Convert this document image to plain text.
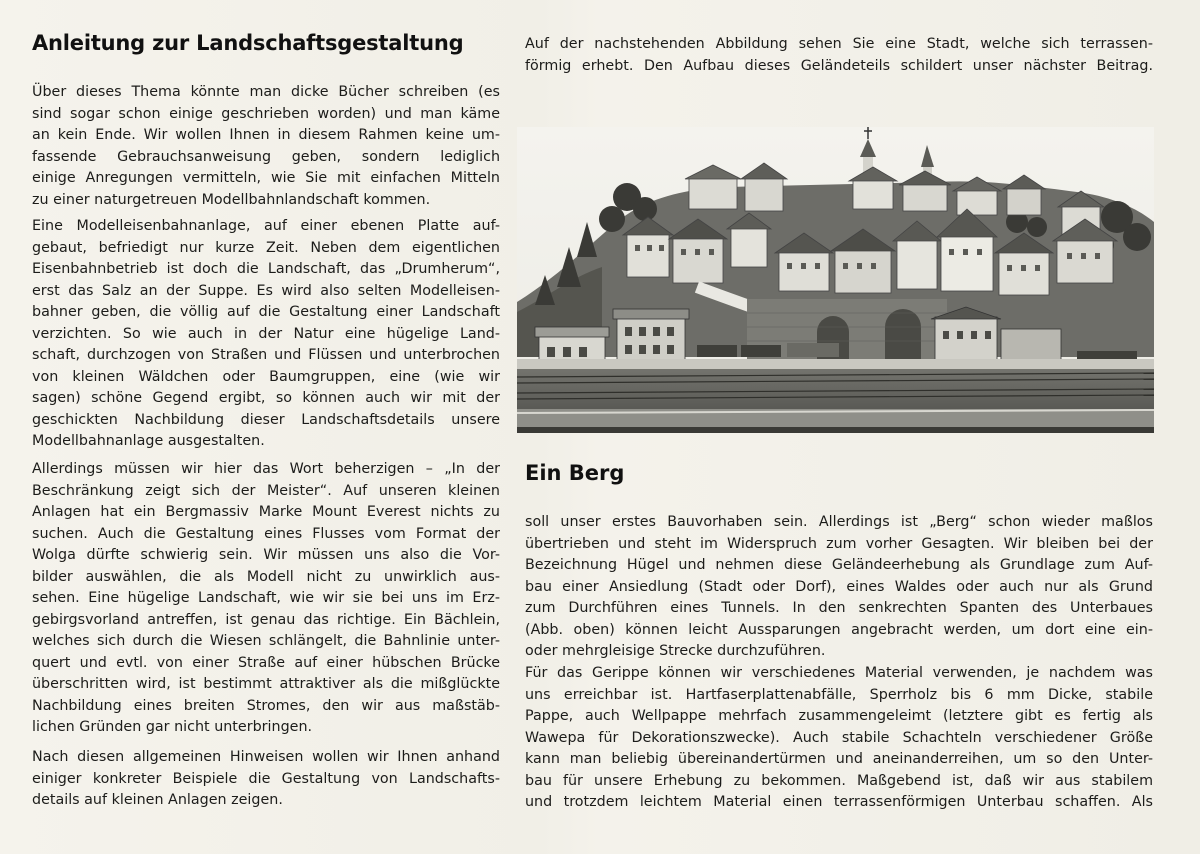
Anleitung zur Landschaftsgestaltung
Über dieses Thema könnte man dicke Bücher schreiben (es
sind sogar schon einige geschrieben worden) und man käme
an kein Ende. Wir wollen Ihnen in diesem Rahmen keine um-
fassende Gebrauchsanweisung geben, sondern lediglich
einige Anregungen vermitteln, wie Sie mit einfachen Mitteln
zu einer naturgetreuen Modellbahnlandschaft kommen.
Eine Modelleisenbahnanlage, auf einer ebenen Platte auf-
gebaut, befriedigt nur kurze Zeit. Neben dem eigentlichen
Eisenbahnbetrieb ist doch die Landschaft, das „Drumherum“,
erst das Salz an der Suppe. Es wird also selten Modelleisen-
bahner geben, die völlig auf die Gestaltung einer Landschaft
verzichten. So wie auch in der Natur eine hügelige Land-
schaft, durchzogen von Straßen und Flüssen und unterbrochen
von kleinen Wäldchen oder Baumgruppen, eine (wie wir
sagen) schöne Gegend ergibt, so können auch wir mit der
geschickten Nachbildung dieser Landschaftsdetails unsere
Modellbahnanlage ausgestalten.
Allerdings müssen wir hier das Wort beherzigen – „In der
Beschränkung zeigt sich der Meister“. Auf unseren kleinen
Anlagen hat ein Bergmassiv Marke Mount Everest nichts zu
suchen. Auch die Gestaltung eines Flusses vom Format der
Wolga dürfte schwierig sein. Wir müssen uns also die Vor-
bilder auswählen, die als Modell nicht zu unwirklich aus-
sehen. Eine hügelige Landschaft, wie wir sie bei uns im Erz-
gebirgsvorland antreffen, ist genau das richtige. Ein Bächlein,
welches sich durch die Wiesen schlängelt, die Bahnlinie unter-
quert und evtl. von einer Straße auf einer hübschen Brücke
überschritten wird, ist bestimmt attraktiver als die mißglückte
Nachbildung eines breiten Stromes, den wir aus maßstäb-
lichen Gründen gar nicht unterbringen.
Nach diesen allgemeinen Hinweisen wollen wir Ihnen anhand
einiger konkreter Beispiele die Gestaltung von Landschafts-
details auf kleinen Anlagen zeigen.
Auf der nachstehenden Abbildung sehen Sie eine Stadt, welche sich terrassen-
förmig erhebt. Den Aufbau dieses Geländeteils schildert unser nächster Beitrag.
Ein Berg
soll unser erstes Bauvorhaben sein. Allerdings ist „Berg“ schon wieder maßlos
übertrieben und steht im Widerspruch zum vorher Gesagten. Wir bleiben bei der
Bezeichnung Hügel und nehmen diese Geländeerhebung als Grundlage zum Auf-
bau einer Ansiedlung (Stadt oder Dorf), eines Waldes oder auch nur als Grund
zum Durchführen eines Tunnels. In den senkrechten Spanten des Unterbaues
(Abb. oben) können leicht Aussparungen angebracht werden, um dort eine ein-
oder mehrgleisige Strecke durchzuführen.
Für das Gerippe können wir verschiedenes Material verwenden, je nachdem was
uns erreichbar ist. Hartfaserplattenabfälle, Sperrholz bis 6 mm Dicke, stabile
Pappe, auch Wellpappe mehrfach zusammengeleimt (letztere gibt es fertig als
Wawepa für Dekorationszwecke). Auch stabile Schachteln verschiedener Größe
kann man beliebig übereinandertürmen und aneinanderreihen, um so den Unter-
bau für unsere Erhebung zu bekommen. Maßgebend ist, daß wir aus stabilem
und trotzdem leichtem Material einen terrassenförmigen Unterbau schaffen. Als
